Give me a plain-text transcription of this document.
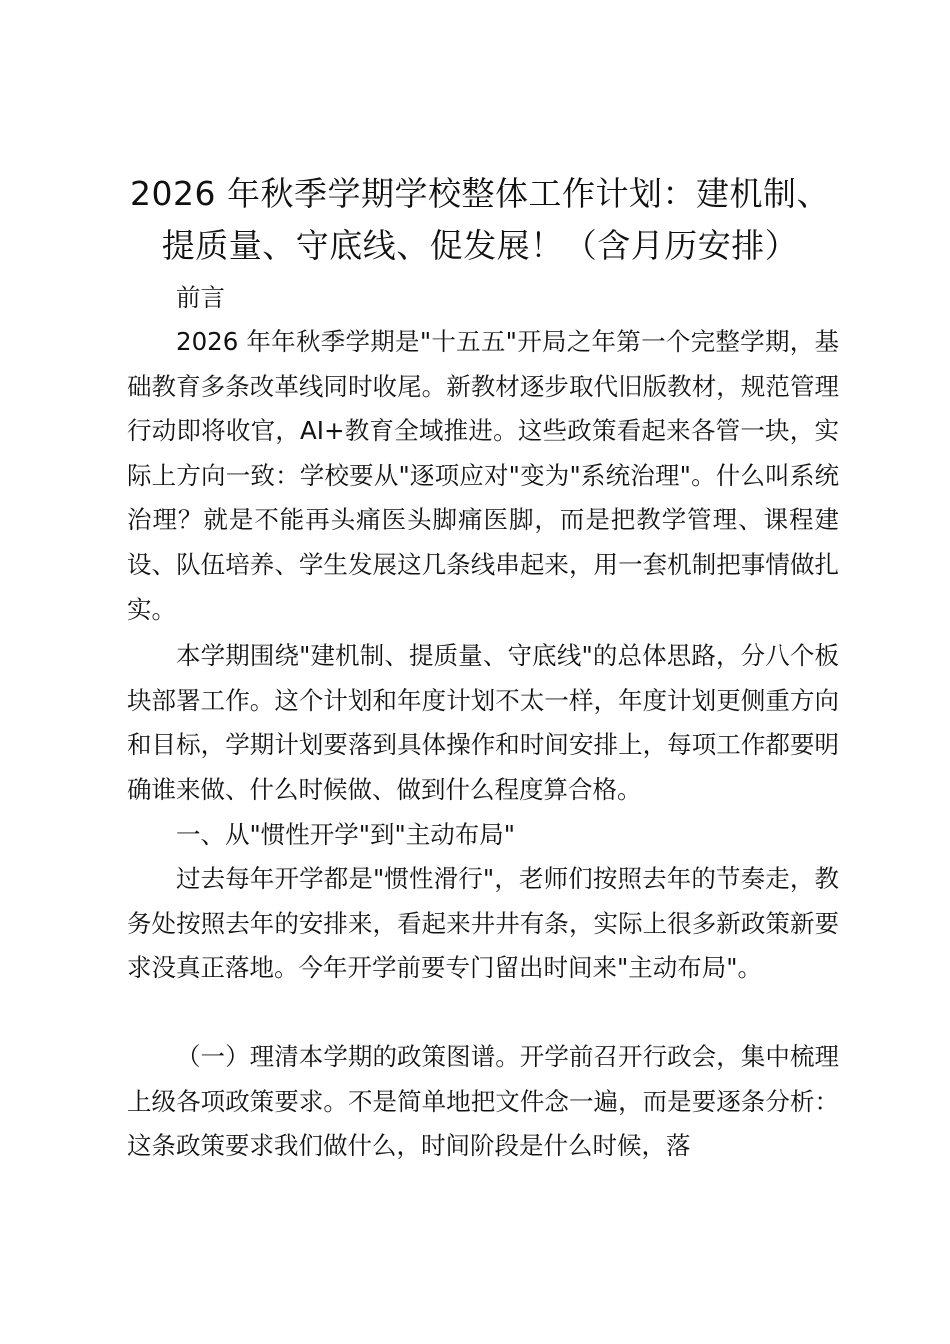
2026 年秋季学期学校整体工作计划：建机制、
提质量、守底线、促发展！（含月历安排）

前言

2026 年年秋季学期是"十五五"开局之年第一个完整学期，基础教育多条改革线同时收尾。新教材逐步取代旧版教材，规范管理行动即将收官，AI+教育全域推进。这些政策看起来各管一块，实际上方向一致：学校要从"逐项应对"变为"系统治理"。什么叫系统治理？就是不能再头痛医头脚痛医脚，而是把教学管理、课程建设、队伍培养、学生发展这几条线串起来，用一套机制把事情做扎实。

本学期围绕"建机制、提质量、守底线"的总体思路，分八个板块部署工作。这个计划和年度计划不太一样，年度计划更侧重方向和目标，学期计划要落到具体操作和时间安排上，每项工作都要明确谁来做、什么时候做、做到什么程度算合格。

一、从"惯性开学"到"主动布局"

过去每年开学都是"惯性滑行"，老师们按照去年的节奏走，教务处按照去年的安排来，看起来井井有条，实际上很多新政策新要求没真正落地。今年开学前要专门留出时间来"主动布局"。

（一）理清本学期的政策图谱。开学前召开行政会，集中梳理上级各项政策要求。不是简单地把文件念一遍，而是要逐条分析：这条政策要求我们做什么，时间阶段是什么时候，落
